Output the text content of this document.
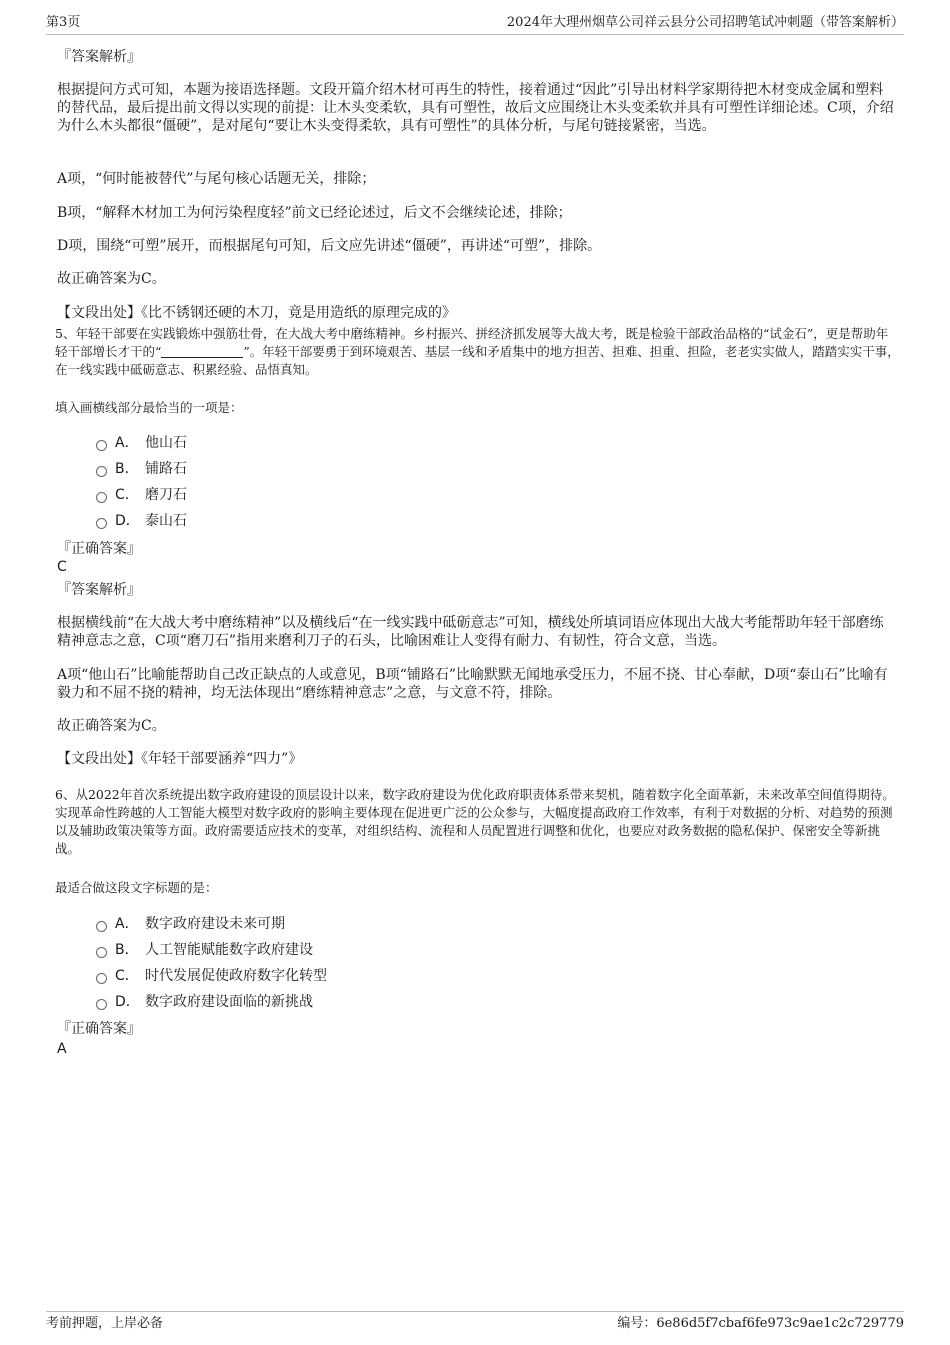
第3页	2024年大理州烟草公司祥云县分公司招聘笔试冲刺题（带答案解析）
『答案解析』
根据提问方式可知，本题为接语选择题。文段开篇介绍木材可再生的特性，接着通过“因此”引导出材料学家期待把木材变成金属和塑料的替代品，最后提出前文得以实现的前提：让木头变柔软，具有可塑性，故后文应围绕让木头变柔软并具有可塑性详细论述。C项，介绍为什么木头都很“僵硬”，是对尾句“要让木头变得柔软，具有可塑性”的具体分析，与尾句链接紧密，当选。
A项，“何时能被替代”与尾句核心话题无关，排除；
B项，“解释木材加工为何污染程度轻”前文已经论述过，后文不会继续论述，排除；
D项，围绕“可塑”展开，而根据尾句可知，后文应先讲述“僵硬”，再讲述“可塑”，排除。
故正确答案为C。
【文段出处】《比不锈钢还硬的木刀，竟是用造纸的原理完成的》
5、年轻干部要在实践锻炼中强筋壮骨，在大战大考中磨练精神。乡村振兴、拼经济抓发展等大战大考，既是检验干部政治品格的“试金石”，更是帮助年轻干部增长才干的“	”。年轻干部要勇于到环境艰苦、基层一线和矛盾集中的地方担苦、担难、担重、担险，老老实实做人，踏踏实实干事，在一线实践中砥砺意志、积累经验、品悟真知。
填入画横线部分最恰当的一项是：
A． 他山石
B． 铺路石
C． 磨刀石
D． 泰山石
『正确答案』
C
『答案解析』
根据横线前“在大战大考中磨练精神”以及横线后“在一线实践中砥砺意志”可知，横线处所填词语应体现出大战大考能帮助年轻干部磨练精神意志之意，C项“磨刀石”指用来磨利刀子的石头，比喻困难让人变得有耐力、有韧性，符合文意，当选。
A项“他山石”比喻能帮助自己改正缺点的人或意见，B项“铺路石”比喻默默无闻地承受压力，不屈不挠、甘心奉献，D项“泰山石”比喻有毅力和不屈不挠的精神，均无法体现出“磨练精神意志”之意，与文意不符，排除。
故正确答案为C。
【文段出处】《年轻干部要涵养“四力”》
6、从2022年首次系统提出数字政府建设的顶层设计以来，数字政府建设为优化政府职责体系带来契机，随着数字化全面革新，未来改革空间值得期待。实现革命性跨越的人工智能大模型对数字政府的影响主要体现在促进更广泛的公众参与，大幅度提高政府工作效率，有利于对数据的分析、对趋势的预测以及辅助政策决策等方面。政府需要适应技术的变革，对组织结构、流程和人员配置进行调整和优化，也要应对政务数据的隐私保护、保密安全等新挑战。
最适合做这段文字标题的是：
A． 数字政府建设未来可期
B． 人工智能赋能数字政府建设
C． 时代发展促使政府数字化转型
D． 数字政府建设面临的新挑战
『正确答案』
A
考前押题，上岸必备	编号：6e86d5f7cbaf6fe973c9ae1c2c729779
